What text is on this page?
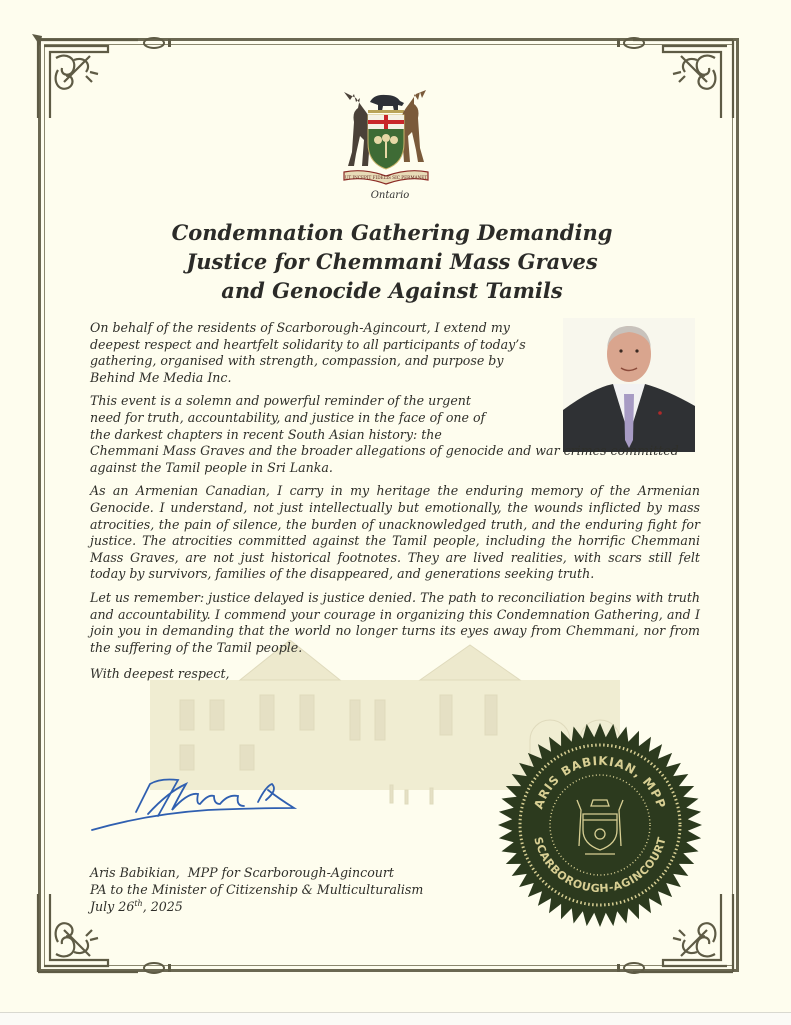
UT INCEPIT FIDELIS SIC PERMANET
Ontario
Condemnation Gathering Demanding
Justice for Chemmani Mass Graves
and Genocide Against Tamils

On behalf of the residents of Scarborough-Agincourt, I extend my deepest respect and heartfelt solidarity to all participants of today’s gathering, organised with strength, compassion, and purpose by Behind Me Media Inc.

This event is a solemn and powerful reminder of the urgent
need for truth, accountability, and justice in the face of one of
the darkest chapters in recent South Asian history: the
Chemmani Mass Graves and the broader allegations of genocide and war crimes committed against the Tamil people in Sri Lanka.

As an Armenian Canadian, I carry in my heritage the enduring memory of the Armenian Genocide. I understand, not just intellectually but emotionally, the wounds inflicted by mass atrocities, the pain of silence, the burden of unacknowledged truth, and the enduring fight for justice. The atrocities committed against the Tamil people, including the horrific Chemmani Mass Graves, are not just historical footnotes. They are lived realities, with scars still felt today by survivors, families of the disappeared, and generations seeking truth.

Let us remember: justice delayed is justice denied. The path to reconciliation begins with truth and accountability. I commend your courage in organizing this Condemnation Gathering, and I join you in demanding that the world no longer turns its eyes away from Chemmani, nor from the suffering of the Tamil people.

With deepest respect,

Aris Babikian,  MPP for Scarborough-Agincourt
PA to the Minister of Citizenship & Multiculturalism
July 26th, 2025
ARIS BABIKIAN, MPP
SCARBOROUGH-AGINCOURT
